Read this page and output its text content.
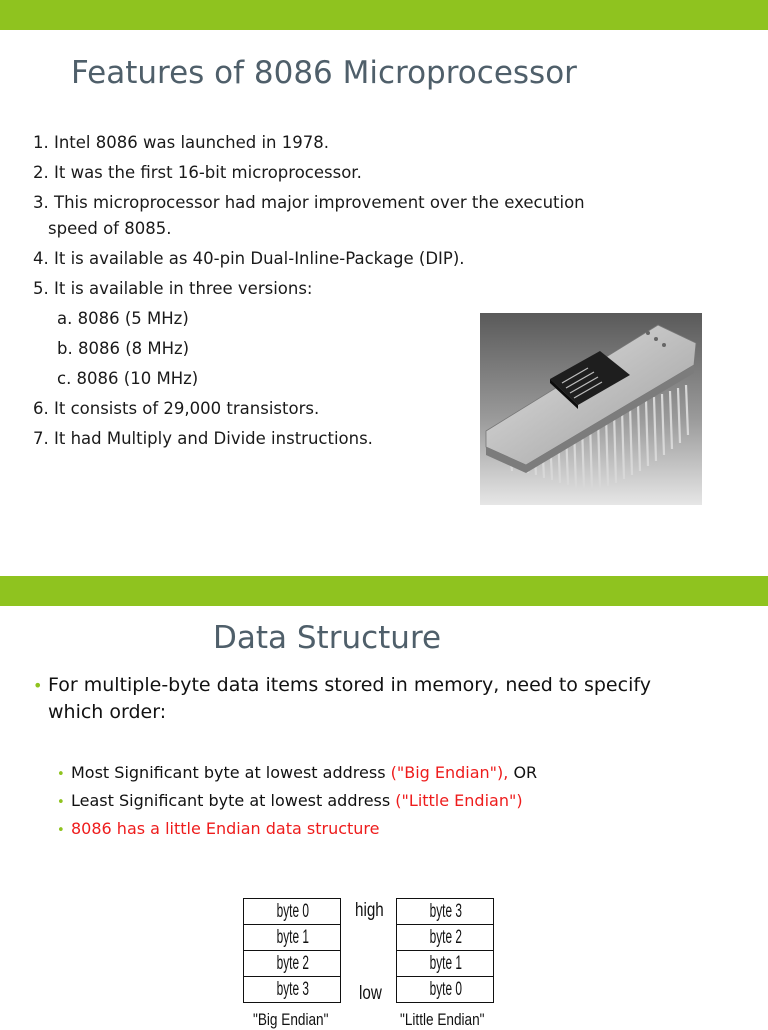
Features of 8086 Microprocessor
1. Intel 8086 was launched in 1978.
2. It was the first 16-bit microprocessor.
3. This microprocessor had major improvement over the execution
speed of 8085.
4. It is available as 40-pin Dual-Inline-Package (DIP).
5. It is available in three versions:
a. 8086 (5 MHz)
b. 8086 (8 MHz)
c. 8086 (10 MHz)
6. It consists of 29,000 transistors.
7. It had Multiply and Divide instructions.
Data Structure
• For multiple-byte data items stored in memory, need to specify which order:
• Most Significant byte at lowest address ("Big Endian"), OR
• Least Significant byte at lowest address ("Little Endian")
• 8086 has a little Endian data structure
byte 0
byte 1
byte 2
byte 3
"Big Endian"
high
low
byte 3
byte 2
byte 1
byte 0
"Little Endian"
